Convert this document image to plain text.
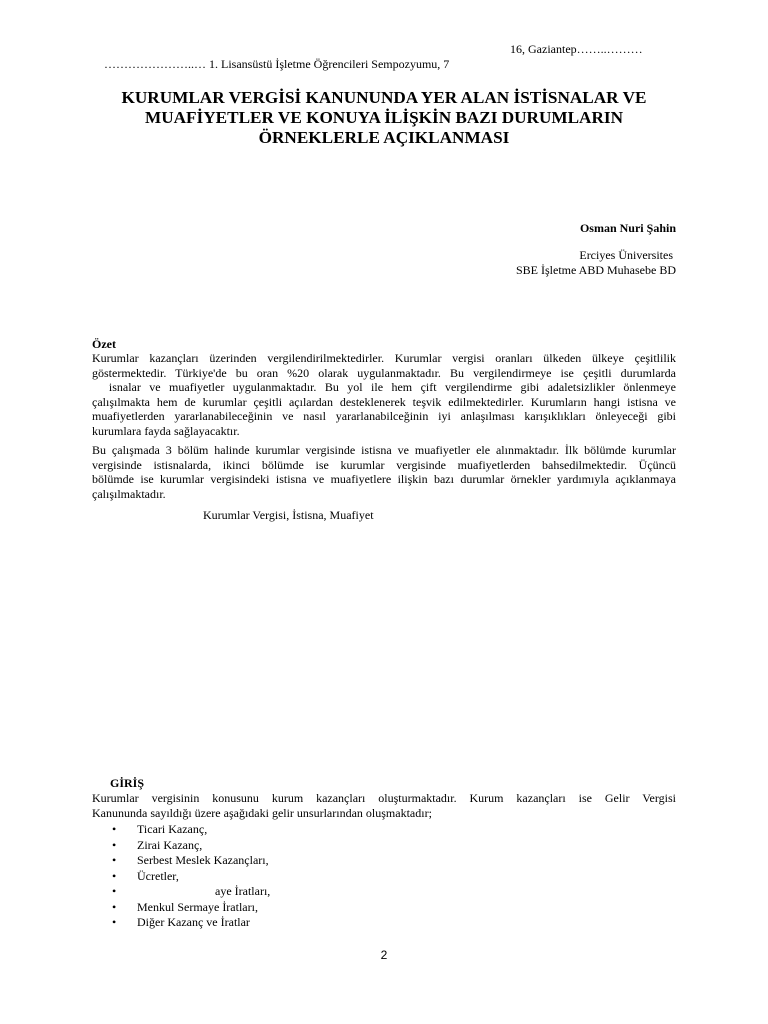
…………………..… 1. Lisansüstü İşletme Öğrencileri Sempozyumu, 7

16, Gaziantep……..………

KURUMLAR VERGİSİ KANUNUNDA YER ALAN İSTİSNALAR VE
MUAFİYETLER VE KONUYA İLİŞKİN BAZI DURUMLARIN
ÖRNEKLERLE AÇIKLANMASI
Osman Nuri Şahin
Erciyes Üniversites
SBE İşletme ABD Muhasebe BD
Özet
Kurumlar kazançları üzerinden vergilendirilmektedirler. Kurumlar vergisi oranları ülkeden ülkeye çeşitlilik
göstermektedir. Türkiye'de bu oran %20 olarak uygulanmaktadır. Bu vergilendirmeye ise çeşitli durumlarda
isnalar ve muafiyetler uygulanmaktadır. Bu yol ile hem çift vergilendirme gibi adaletsizlikler önlenmeye
çalışılmakta hem de kurumlar çeşitli açılardan desteklenerek teşvik edilmektedirler. Kurumların hangi istisna ve
muafiyetlerden yararlanabileceğinin ve nasıl yararlanabilceğinin iyi anlaşılması karışıklıkları önleyeceği gibi
kurumlara fayda sağlayacaktır.
Bu çalışmada 3 bölüm halinde kurumlar vergisinde istisna ve muafiyetler ele alınmaktadır. İlk bölümde kurumlar
vergisinde istisnalarda, ikinci bölümde ise kurumlar vergisinde muafiyetlerden bahsedilmektedir. Üçüncü
bölümde ise kurumlar vergisindeki istisna ve muafiyetlere ilişkin bazı durumlar örnekler yardımıyla açıklanmaya
çalışılmaktadır.
Kurumlar Vergisi, İstisna, Muafiyet
GİRİŞ
Kurumlar vergisinin konusunu kurum kazançları oluşturmaktadır. Kurum kazançları ise Gelir Vergisi
Kanununda sayıldığı üzere aşağıdaki gelir unsurlarından oluşmaktadır;
•	Ticari Kazanç,
•	Zirai Kazanç,
•	Serbest Meslek Kazançları,
•	Ücretler,
•	aye İratları,
•	Menkul Sermaye İratları,
•	Diğer Kazanç ve İratlar
2
